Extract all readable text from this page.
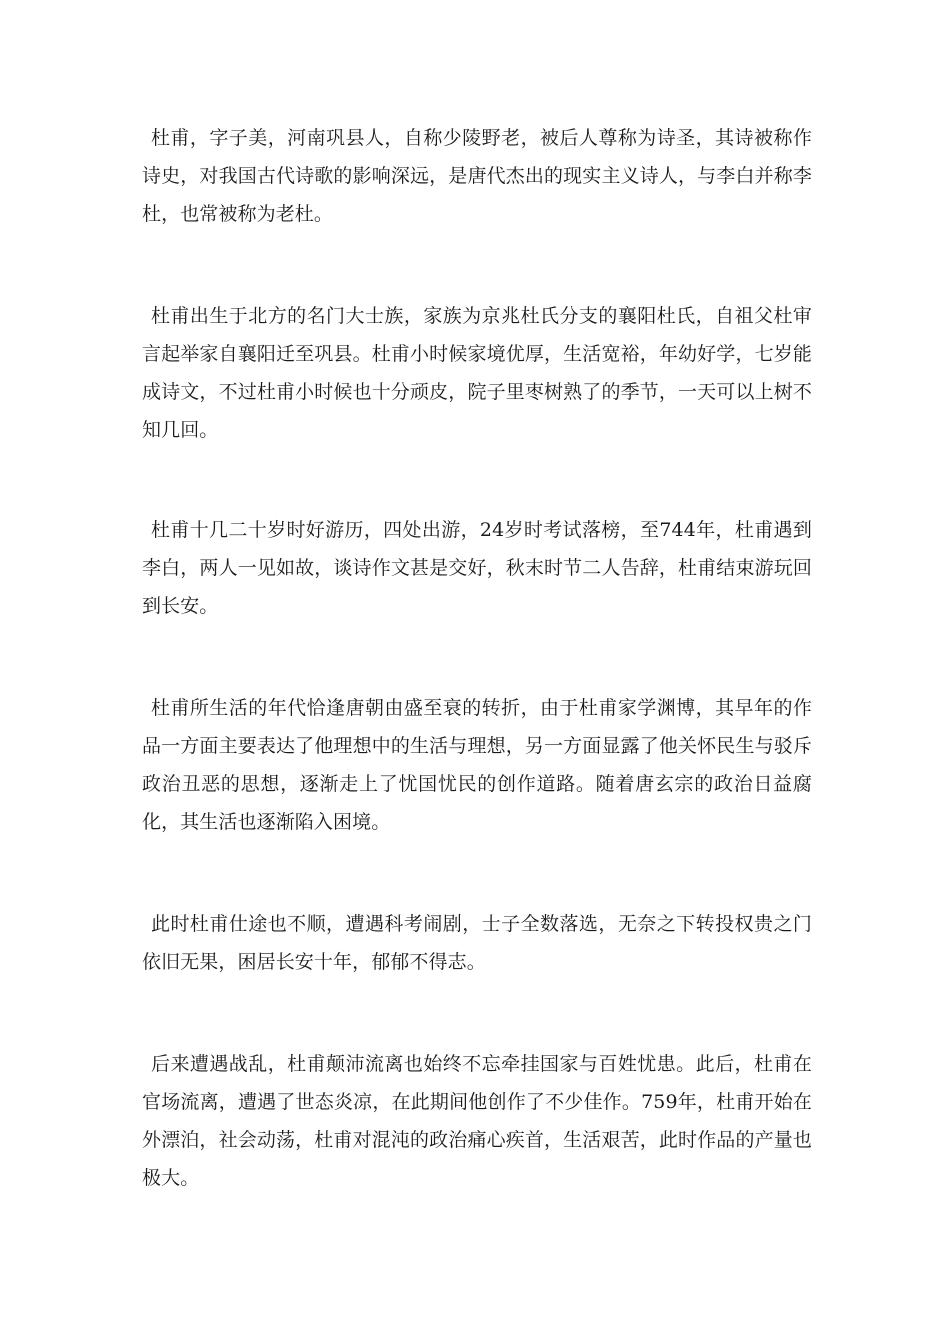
杜甫，字子美，河南巩县人，自称少陵野老，被后人尊称为诗圣，其诗被称作诗史，对我国古代诗歌的影响深远，是唐代杰出的现实主义诗人，与李白并称李杜，也常被称为老杜。

杜甫出生于北方的名门大士族，家族为京兆杜氏分支的襄阳杜氏，自祖父杜审言起举家自襄阳迁至巩县。杜甫小时候家境优厚，生活宽裕，年幼好学，七岁能成诗文，不过杜甫小时候也十分顽皮，院子里枣树熟了的季节，一天可以上树不知几回。

杜甫十几二十岁时好游历，四处出游，24岁时考试落榜，至744年，杜甫遇到李白，两人一见如故，谈诗作文甚是交好，秋末时节二人告辞，杜甫结束游玩回到长安。

杜甫所生活的年代恰逢唐朝由盛至衰的转折，由于杜甫家学渊博，其早年的作品一方面主要表达了他理想中的生活与理想，另一方面显露了他关怀民生与驳斥政治丑恶的思想，逐渐走上了忧国忧民的创作道路。随着唐玄宗的政治日益腐化，其生活也逐渐陷入困境。

此时杜甫仕途也不顺，遭遇科考闹剧，士子全数落选，无奈之下转投权贵之门依旧无果，困居长安十年，郁郁不得志。

后来遭遇战乱，杜甫颠沛流离也始终不忘牵挂国家与百姓忧患。此后，杜甫在官场流离，遭遇了世态炎凉，在此期间他创作了不少佳作。759年，杜甫开始在外漂泊，社会动荡，杜甫对混沌的政治痛心疾首，生活艰苦，此时作品的产量也极大。
